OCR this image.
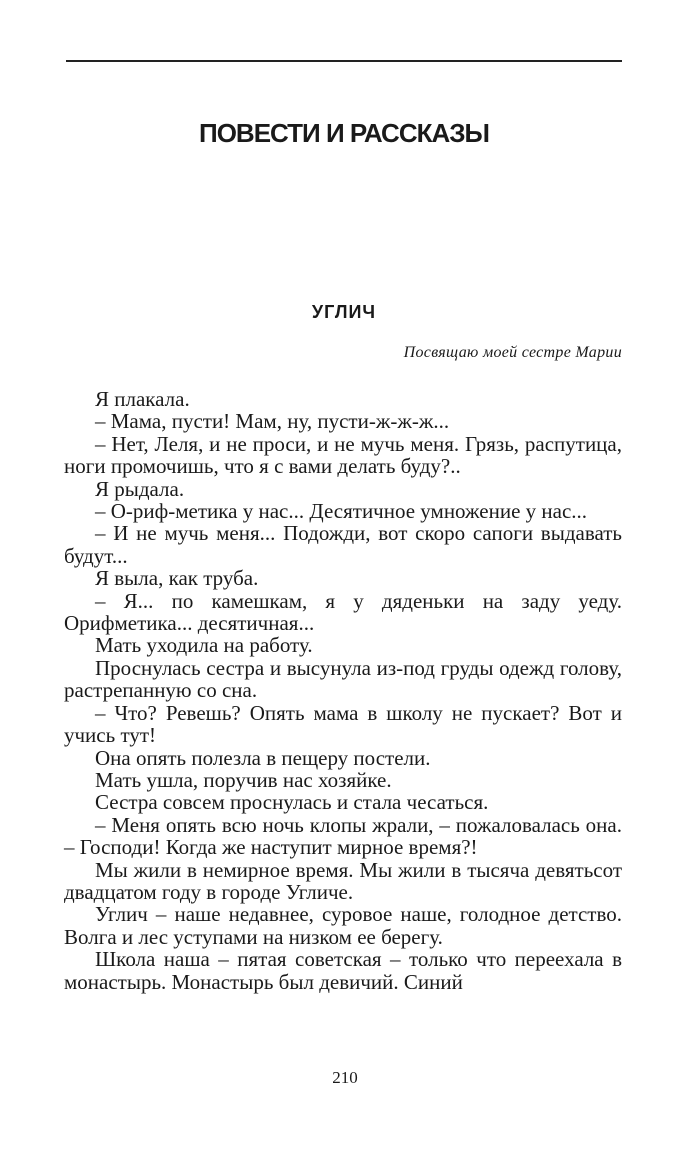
ПОВЕСТИ И РАССКАЗЫ
УГЛИЧ

Посвящаю моей сестре Марии

Я плакала.

– Мама, пусти! Мам, ну, пусти-ж-ж-ж...

– Нет, Леля, и не проси, и не мучь меня. Грязь, распутица, ноги промочишь, что я с вами делать буду?..

Я рыдала.

– О-риф-метика у нас... Десятичное умножение у нас...

– И не мучь меня... Подожди, вот скоро сапоги выдавать будут...

Я выла, как труба.

– Я... по камешкам, я у дяденьки на заду уеду. Орифметика... десятичная...

Мать уходила на работу.

Проснулась сестра и высунула из-под груды одежд голову, растрепанную со сна.

– Что? Ревешь? Опять мама в школу не пускает? Вот и учись тут!

Она опять полезла в пещеру постели.

Мать ушла, поручив нас хозяйке.

Сестра совсем проснулась и стала чесаться.

– Меня опять всю ночь клопы жрали, – пожаловалась она. – Господи! Когда же наступит мирное время?!

Мы жили в немирное время. Мы жили в тысяча девятьсот двадцатом году в городе Угличе.

Углич – наше недавнее, суровое наше, голодное детство. Волга и лес уступами на низком ее берегу.

Школа наша – пятая советская – только что переехала в монастырь. Монастырь был девичий. Синий

210
